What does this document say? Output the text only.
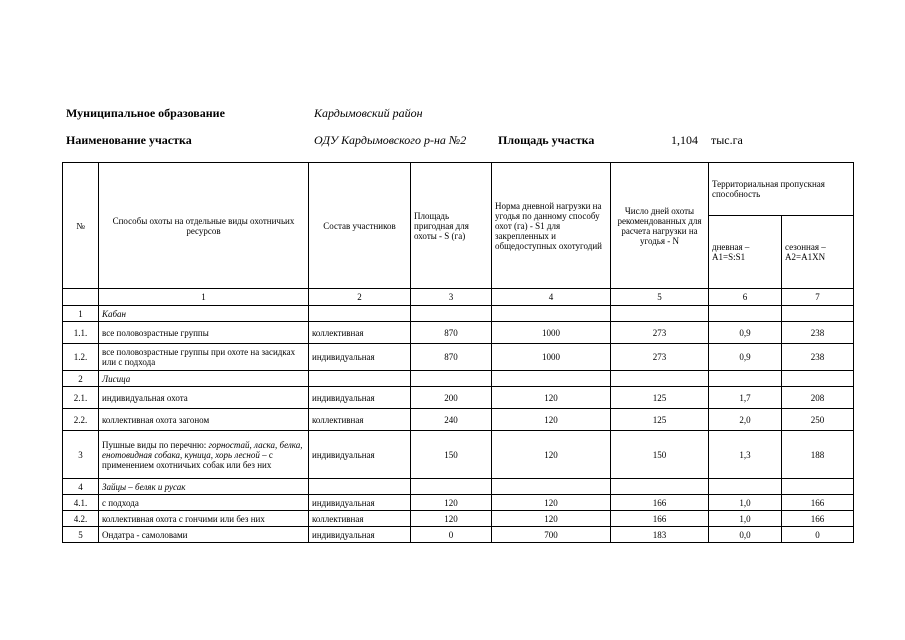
Муниципальное образование	Кардымовский район
Наименование участка	ОДУ Кардымовского р-на №2	Площадь участка	1,104 тыс.га
№	Способы охоты на отдельные виды охотничьих ресурсов	Состав участников	Площадь пригодная для охоты - S (га)	Норма дневной нагрузки на угодья по данному способу охот (га) - S1 для закрепленных и общедоступных охотугодий	Число дней охоты рекомендованных для расчета нагрузки на угодья - N	Территориальная пропускная способность	
						дневная – A1=S:S1	сезонная – A2=A1XN
	1	2	3	4	5	6	7
1	Кабан						
1.1.	все половозрастные группы	коллективная	870	1000	273	0,9	238
1.2.	все половозрастные группы при охоте на засидках или с подхода	индивидуальная	870	1000	273	0,9	238
2	Лисица						
2.1.	индивидуальная охота	индивидуальная	200	120	125	1,7	208
2.2.	коллективная охота загоном	коллективная	240	120	125	2,0	250
3	Пушные виды по перечню: горностай, ласка, белка, енотовидная собака, куница, хорь лесной – с применением охотничьих собак или без них	индивидуальная	150	120	150	1,3	188
4	Зайцы – беляк и русак						
4.1.	с подхода	индивидуальная	120	120	166	1,0	166
4.2.	коллективная охота с гончими или без них	коллективная	120	120	166	1,0	166
5	Ондатра - самоловами	индивидуальная	0	700	183	0,0	0
